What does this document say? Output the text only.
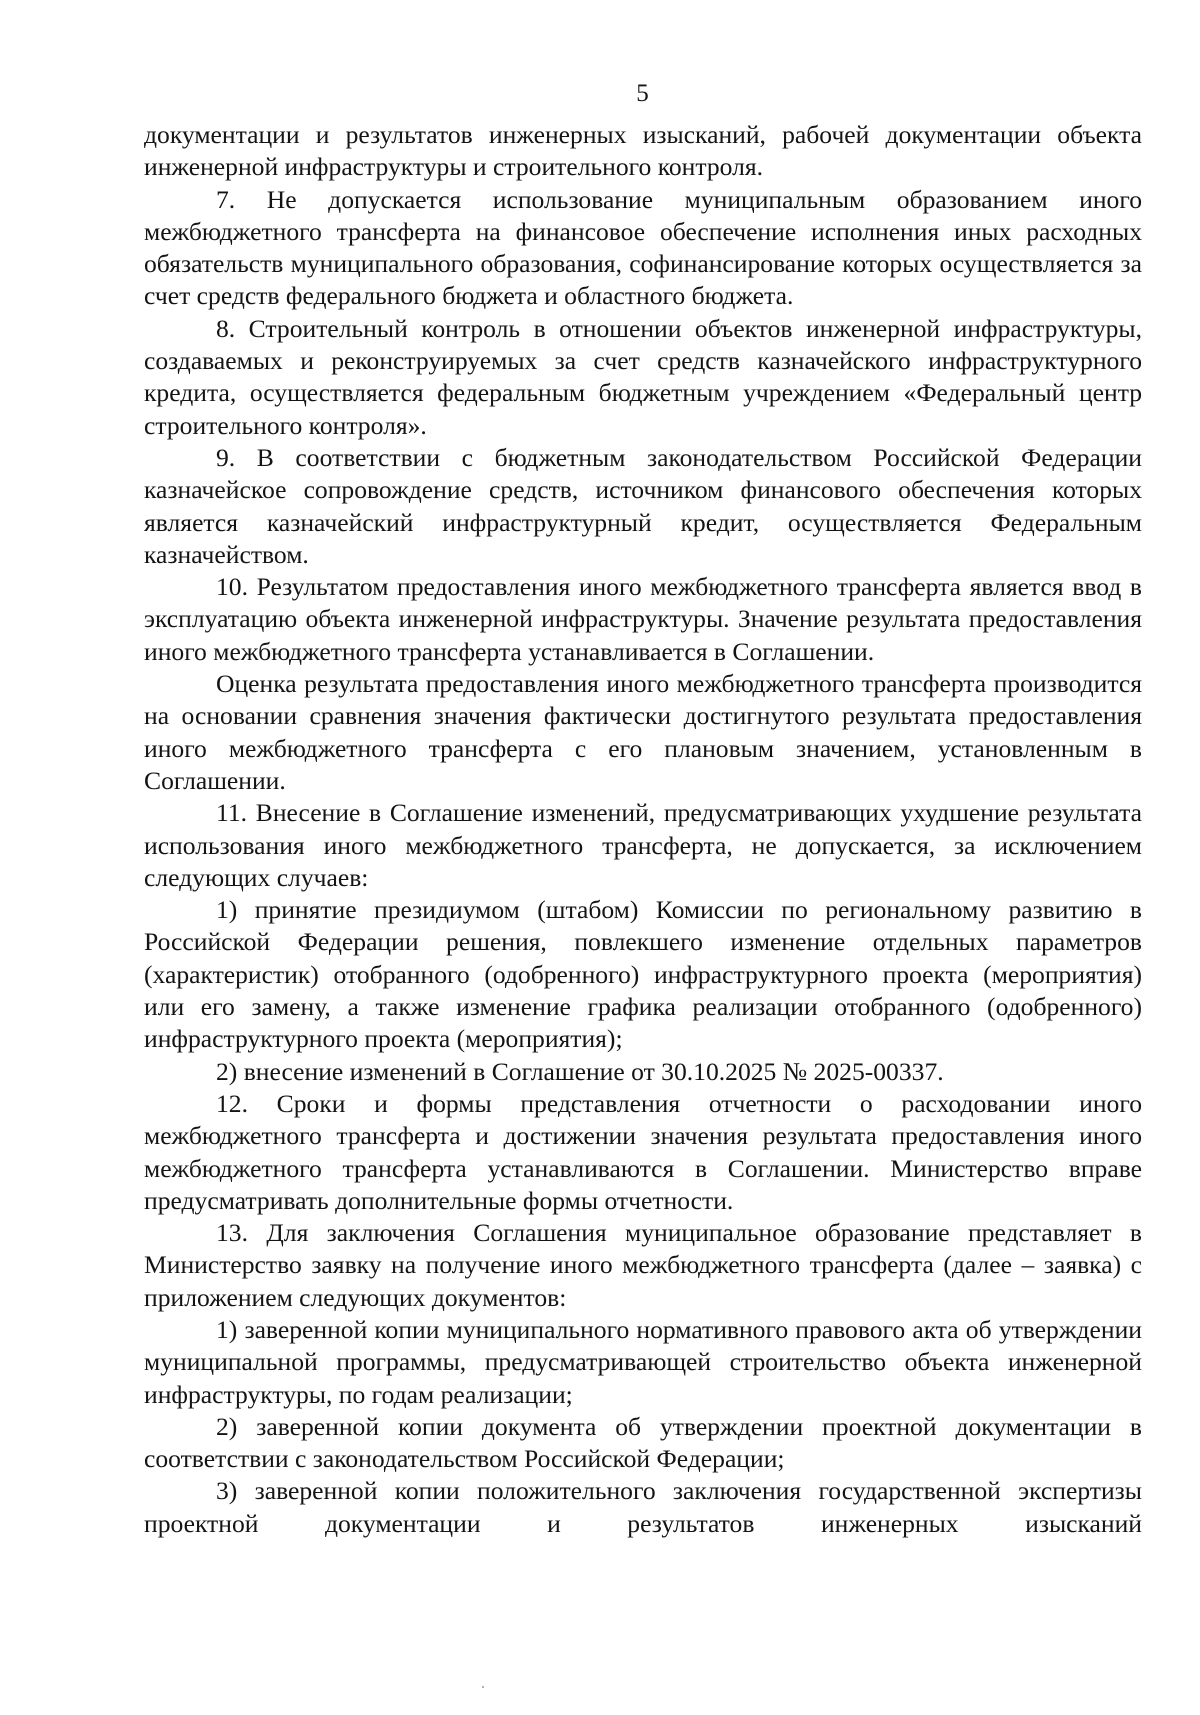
5

документации и результатов инженерных изысканий, рабочей документации объекта инженерной инфраструктуры и строительного контроля.

7. Не допускается использование муниципальным образованием иного межбюджетного трансферта на финансовое обеспечение исполнения иных расходных обязательств муниципального образования, софинансирование которых осуществляется за счет средств федерального бюджета и областного бюджета.

8. Строительный контроль в отношении объектов инженерной инфраструктуры, создаваемых и реконструируемых за счет средств казначейского инфраструктурного кредита, осуществляется федеральным бюджетным учреждением «Федеральный центр строительного контроля».

9. В соответствии с бюджетным законодательством Российской Федерации казначейское сопровождение средств, источником финансового обеспечения которых является казначейский инфраструктурный кредит, осуществляется Федеральным казначейством.

10. Результатом предоставления иного межбюджетного трансферта является ввод в эксплуатацию объекта инженерной инфраструктуры. Значение результата предоставления иного межбюджетного трансферта устанавливается в Соглашении.

Оценка результата предоставления иного межбюджетного трансферта производится на основании сравнения значения фактически достигнутого результата предоставления иного межбюджетного трансферта с его плановым значением, установленным в Соглашении.

11. Внесение в Соглашение изменений, предусматривающих ухудшение результата использования иного межбюджетного трансферта, не допускается, за исключением следующих случаев:

1) принятие президиумом (штабом) Комиссии по региональному развитию в Российской Федерации решения, повлекшего изменение отдельных параметров (характеристик) отобранного (одобренного) инфраструктурного проекта (мероприятия) или его замену, а также изменение графика реализации отобранного (одобренного) инфраструктурного проекта (мероприятия);

2) внесение изменений в Соглашение от 30.10.2025 № 2025-00337.

12. Сроки и формы представления отчетности о расходовании иного межбюджетного трансферта и достижении значения результата предоставления иного межбюджетного трансферта устанавливаются в Соглашении. Министерство вправе предусматривать дополнительные формы отчетности.

13. Для заключения Соглашения муниципальное образование представляет в Министерство заявку на получение иного межбюджетного трансферта (далее – заявка) с приложением следующих документов:

1) заверенной копии муниципального нормативного правового акта об утверждении муниципальной программы, предусматривающей строительство объекта инженерной инфраструктуры, по годам реализации;

2) заверенной копии документа об утверждении проектной документации в соответствии с законодательством Российской Федерации;

3) заверенной копии положительного заключения государственной экспертизы проектной документации и результатов инженерных изысканий
